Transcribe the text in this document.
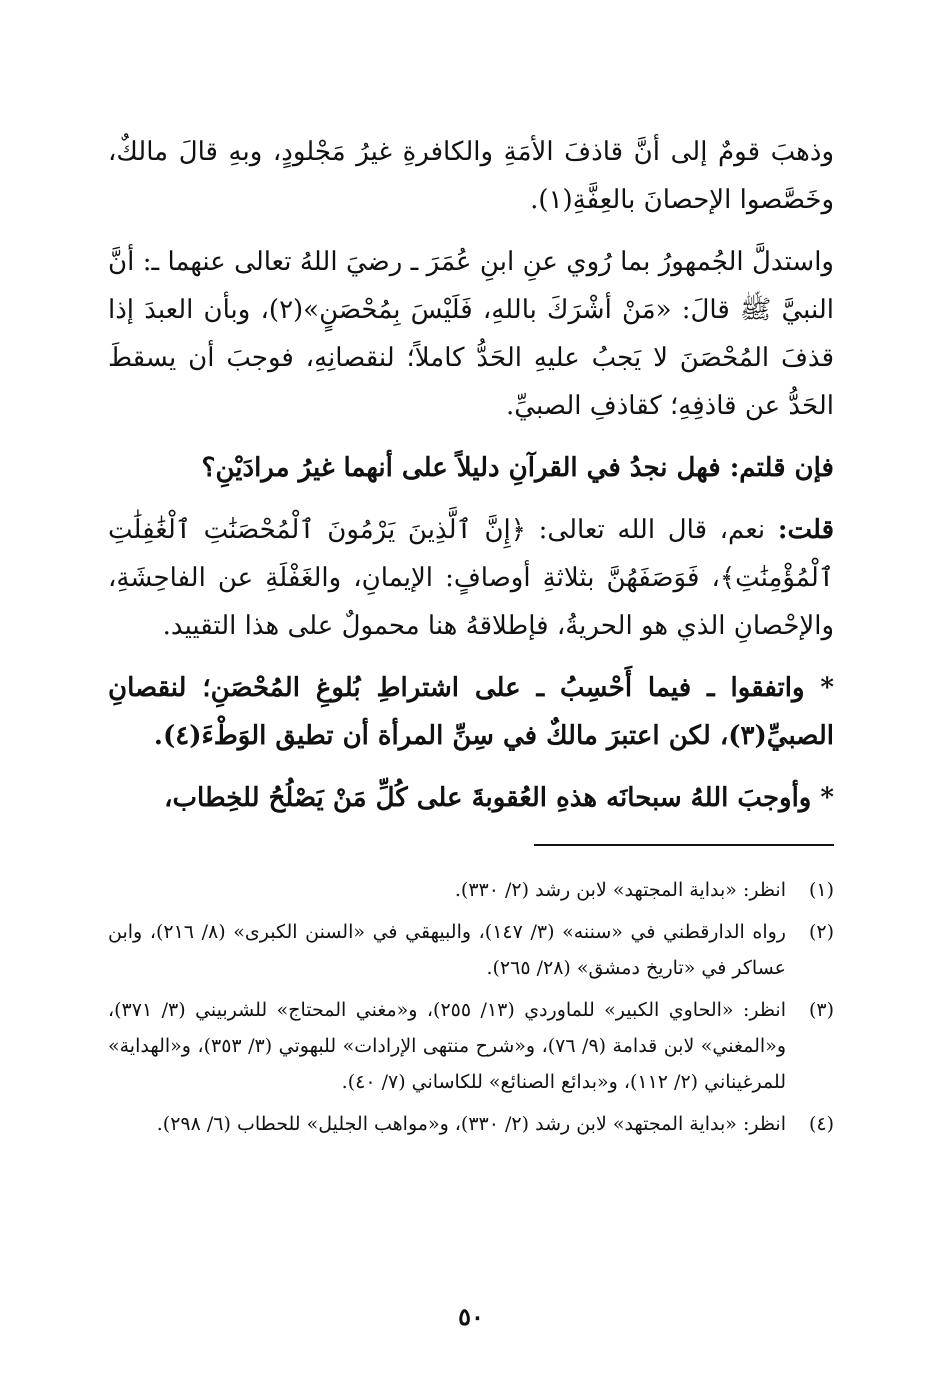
وذهبَ قومٌ إلى أنَّ قاذفَ الأمَةِ والكافرةِ غيرُ مَجْلودٍ، وبهِ قالَ مالكٌ، وخَصَّصوا الإحصانَ بالعِفَّةِ(١).

واستدلَّ الجُمهورُ بما رُوي عنِ ابنِ عُمَرَ ـ رضيَ اللهُ تعالى عنهما ـ: أنَّ النبيَّ ﷺ قالَ: «مَنْ أشْرَكَ باللهِ، فَلَيْسَ بِمُحْصَنٍ»(٢)، وبأن العبدَ إذا قذفَ المُحْصَنَ لا يَجبُ عليهِ الحَدُّ كاملاً؛ لنقصانِهِ، فوجبَ أن يسقطَ الحَدُّ عن قاذفِهِ؛ كقاذفِ الصبيِّ.

فإن قلتم: فهل نجدُ في القرآنِ دليلاً على أنهما غيرُ مرادَيْنِ؟

قلت: نعم، قال الله تعالى: ﴿إِنَّ ٱلَّذِينَ يَرْمُونَ ٱلْمُحْصَنَٰتِ ٱلْغَٰفِلَٰتِ ٱلْمُؤْمِنَٰتِ﴾، فَوَصَفَهُنَّ بثلاثةِ أوصافٍ: الإيمانِ، والغَفْلَةِ عن الفاحِشَةِ، والإحْصانِ الذي هو الحريةُ، فإطلاقهُ هنا محمولٌ على هذا التقييد.

* واتفقوا ـ فيما أَحْسِبُ ـ على اشتراطِ بُلوغِ المُحْصَنِ؛ لنقصانِ الصبيِّ(٣)، لكن اعتبرَ مالكٌ في سِنِّ المرأة أن تطيق الوَطْءَ(٤).

* وأوجبَ اللهُ سبحانَه هذهِ العُقوبةَ على كُلِّ مَنْ يَصْلُحُ للخِطاب،

(١)
انظر: «بداية المجتهد» لابن رشد (٢/ ٣٣٠).
(٢)
رواه الدارقطني في «سننه» (٣/ ١٤٧)، والبيهقي في «السنن الكبرى» (٨/ ٢١٦)، وابن عساكر في «تاريخ دمشق» (٢٨/ ٢٦٥).
(٣)
انظر: «الحاوي الكبير» للماوردي (١٣/ ٢٥٥)، و«مغني المحتاج» للشربيني (٣/ ٣٧١)، و«المغني» لابن قدامة (٩/ ٧٦)، و«شرح منتهى الإرادات» للبهوتي (٣/ ٣٥٣)، و«الهداية» للمرغيناني (٢/ ١١٢)، و«بدائع الصنائع» للكاساني (٧/ ٤٠).
(٤)
انظر: «بداية المجتهد» لابن رشد (٢/ ٣٣٠)، و«مواهب الجليل» للحطاب (٦/ ٢٩٨).
٥٠
